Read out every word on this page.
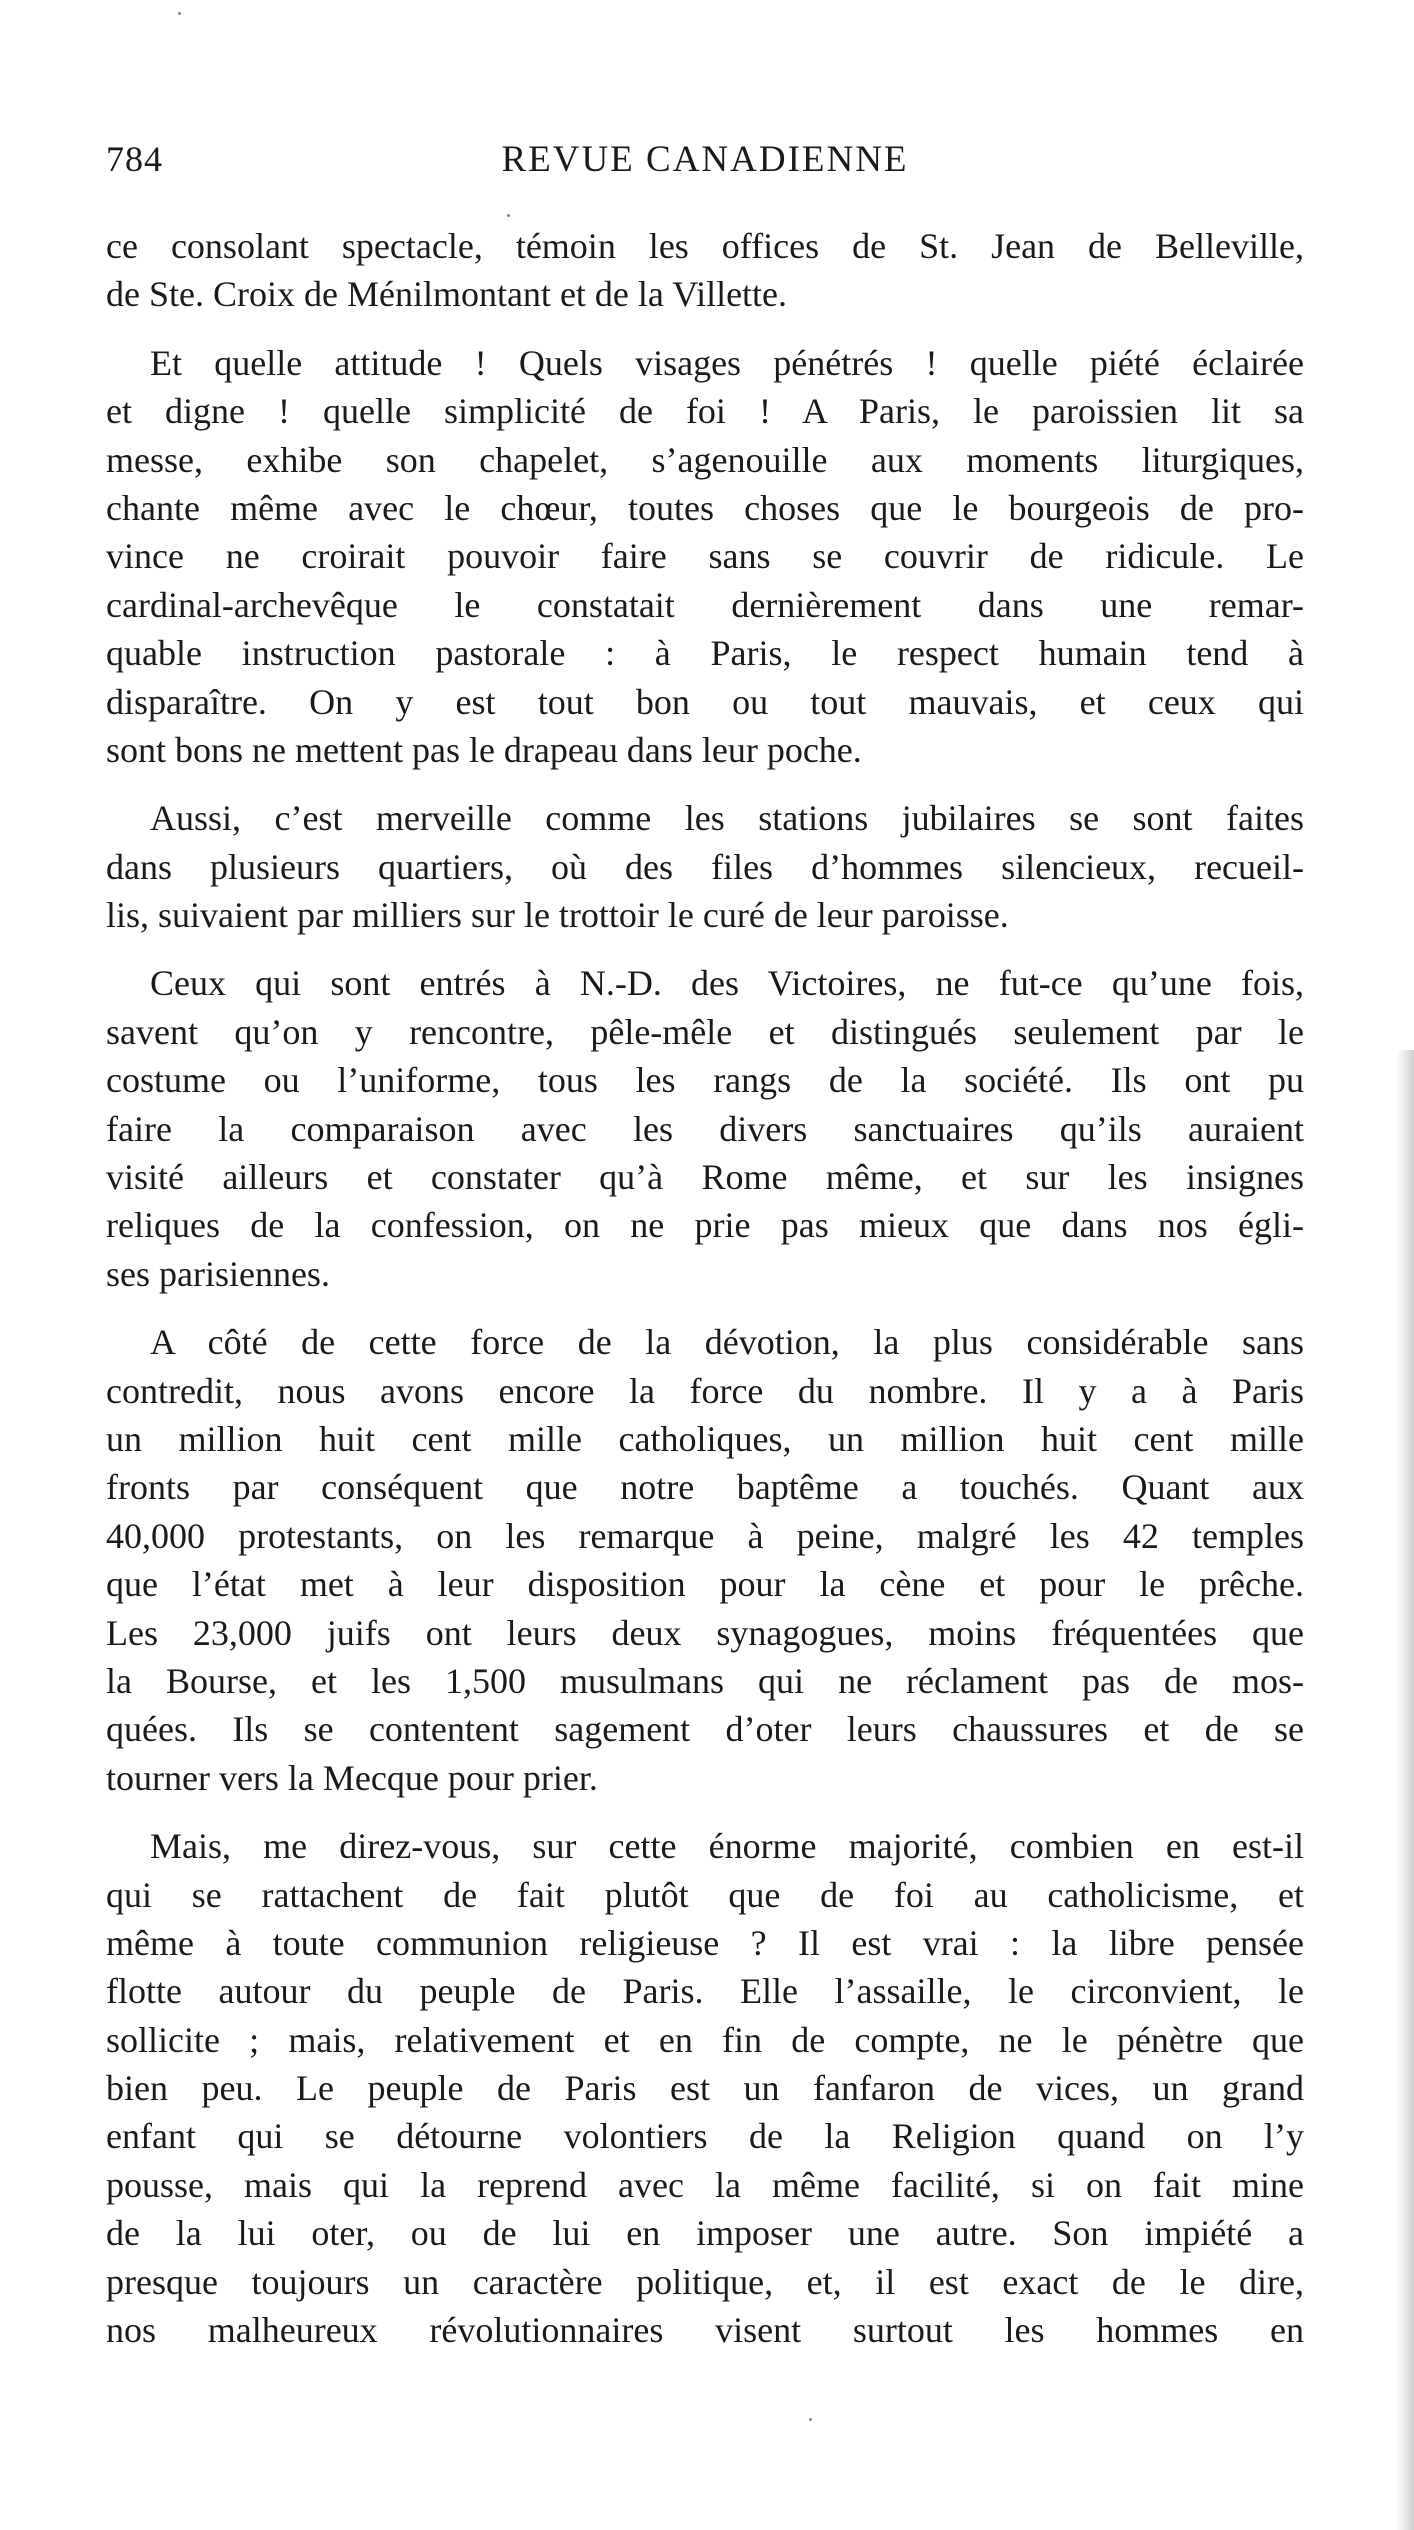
784	REVUE CANADIENNE
ce consolant spectacle, témoin les offices de St. Jean de Belleville,
de Ste. Croix de Ménilmontant et de la Villette.
Et quelle attitude ! Quels visages pénétrés ! quelle piété éclairée
et digne ! quelle simplicité de foi ! A Paris, le paroissien lit sa
messe, exhibe son chapelet, s’agenouille aux moments liturgiques,
chante même avec le chœur, toutes choses que le bourgeois de pro-
vince ne croirait pouvoir faire sans se couvrir de ridicule. Le
cardinal-archevêque le constatait dernièrement dans une remar-
quable instruction pastorale : à Paris, le respect humain tend à
disparaître. On y est tout bon ou tout mauvais, et ceux qui
sont bons ne mettent pas le drapeau dans leur poche.
Aussi, c’est merveille comme les stations jubilaires se sont faites
dans plusieurs quartiers, où des files d’hommes silencieux, recueil-
lis, suivaient par milliers sur le trottoir le curé de leur paroisse.
Ceux qui sont entrés à N.-D. des Victoires, ne fut-ce qu’une fois,
savent qu’on y rencontre, pêle-mêle et distingués seulement par le
costume ou l’uniforme, tous les rangs de la société. Ils ont pu
faire la comparaison avec les divers sanctuaires qu’ils auraient
visité ailleurs et constater qu’à Rome même, et sur les insignes
reliques de la confession, on ne prie pas mieux que dans nos égli-
ses parisiennes.
A côté de cette force de la dévotion, la plus considérable sans
contredit, nous avons encore la force du nombre. Il y a à Paris
un million huit cent mille catholiques, un million huit cent mille
fronts par conséquent que notre baptême a touchés. Quant aux
40,000 protestants, on les remarque à peine, malgré les 42 temples
que l’état met à leur disposition pour la cène et pour le prêche.
Les 23,000 juifs ont leurs deux synagogues, moins fréquentées que
la Bourse, et les 1,500 musulmans qui ne réclament pas de mos-
quées. Ils se contentent sagement d’oter leurs chaussures et de se
tourner vers la Mecque pour prier.
Mais, me direz-vous, sur cette énorme majorité, combien en est-il
qui se rattachent de fait plutôt que de foi au catholicisme, et
même à toute communion religieuse ? Il est vrai : la libre pensée
flotte autour du peuple de Paris. Elle l’assaille, le circonvient, le
sollicite ; mais, relativement et en fin de compte, ne le pénètre que
bien peu. Le peuple de Paris est un fanfaron de vices, un grand
enfant qui se détourne volontiers de la Religion quand on l’y
pousse, mais qui la reprend avec la même facilité, si on fait mine
de la lui oter, ou de lui en imposer une autre. Son impiété a
presque toujours un caractère politique, et, il est exact de le dire,
nos malheureux révolutionnaires visent surtout les hommes en
